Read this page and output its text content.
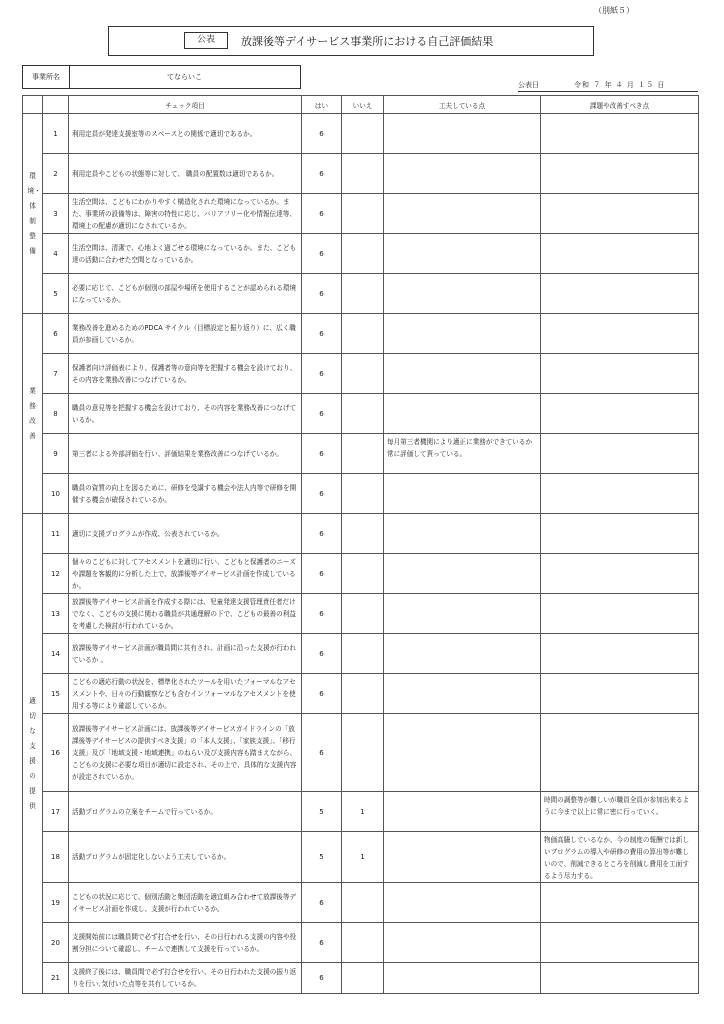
（別紙５）
公表	放課後等デイサービス事業所における自己評価結果
事業所名	てならいこ
公表日	令和 ７ 年 ４ 月 １５ 日
		チェック項目	はい	いいえ	工夫している点	課題や改善すべき点

環境・体制整備	1	利用定員が発達支援室等のスペースとの関係で適切であるか。	6			
	2	利用定員やこどもの状態等に対して、 職員の配置数は適切であるか。	6			
	3	生活空間は、こどもにわかりやすく構造化された環境になっているか。また、事業所の設備等は、障害の特性に応じ、バリアフリー化や情報伝達等、環境上の配慮が適切になされているか。	6			
	4	生活空間は、清潔で、心地よく過ごせる環境になっているか。また、こども達の活動に合わせた空間となっているか。	6			
	5	必要に応じて、こどもが個別の部屋や場所を使用することが認められる環境になっているか。	6			

業務改善	6	業務改善を進めるためのPDCA サイクル（目標設定と振り返り）に、広く職員が参画しているか。	6			
	7	保護者向け評価表により、保護者等の意向等を把握する機会を設けており、その内容を業務改善につなげているか。	6			
	8	職員の意見等を把握する機会を設けており、その内容を業務改善につなげているか。	6			
	9	第三者による外部評価を行い、評価結果を業務改善につなげているか。	6		毎月第三者機関により適正に業務ができているか常に評価して貰っている。	
	10	職員の資質の向上を図るために、研修を受講する機会や法人内等で研修を開催する機会が確保されているか。	6			

適切な支援の提供	11	適切に支援プログラムが作成、公表されているか。	6			
	12	個々のこどもに対してアセスメントを適切に行い、こどもと保護者のニーズや課題を客観的に分析した上で、放課後等デイサービス計画を作成しているか。	6			
	13	放課後等デイサービス計画を作成する際には、児童発達支援管理責任者だけでなく、こどもの支援に関わる職員が共通理解の下で、こどもの最善の利益を考慮した検討が行われているか。	6			
	14	放課後等デイサービス計画が職員間に共有され、計画に沿った支援が行われているか 。	6			
	15	こどもの適応行動の状況を、標準化されたツールを用いたフォーマルなアセスメントや、日々の行動観察なども含むインフォーマルなアセスメントを使用する等により確認しているか。	6			
	16	放課後等デイサービス計画には、放課後等デイサービスガイドラインの「放課後等デイサービスの提供すべき支援」の「本人支援」、「家族支援」、「移行支援」及び「地域支援・地域連携」のねらい及び支援内容も踏まえながら、こどもの支援に必要な項目が適切に設定され、その上で、具体的な支援内容が設定されているか。	6			
	17	活動プログラムの立案をチームで行っているか。	5	1		時間の調整等が難しいが職員全員が参加出来るように今まで以上に常に密に行っていく。
	18	活動プログラムが固定化しないよう工夫しているか。	5	1		物価高騰しているなか、今の制度の報酬では新しいプログラムの導入や研修の費用の算出等が難しいので、削減できるところを削減し費用を工面するよう尽力する。
	19	こどもの状況に応じて、個別活動と集団活動を適宜組み合わせて放課後等デイサービス計画を作成し、支援が行われているか。	6			
	20	支援開始前には職員間で必ず打合せを行い、その日行われる支援の内容や役割分担について確認し、チームで連携して支援を行っているか。	6			
	21	支援終了後には、職員間で必ず打合せを行い、その日行われた支援の振り返りを行い､気付いた点等を共有しているか。	6			
